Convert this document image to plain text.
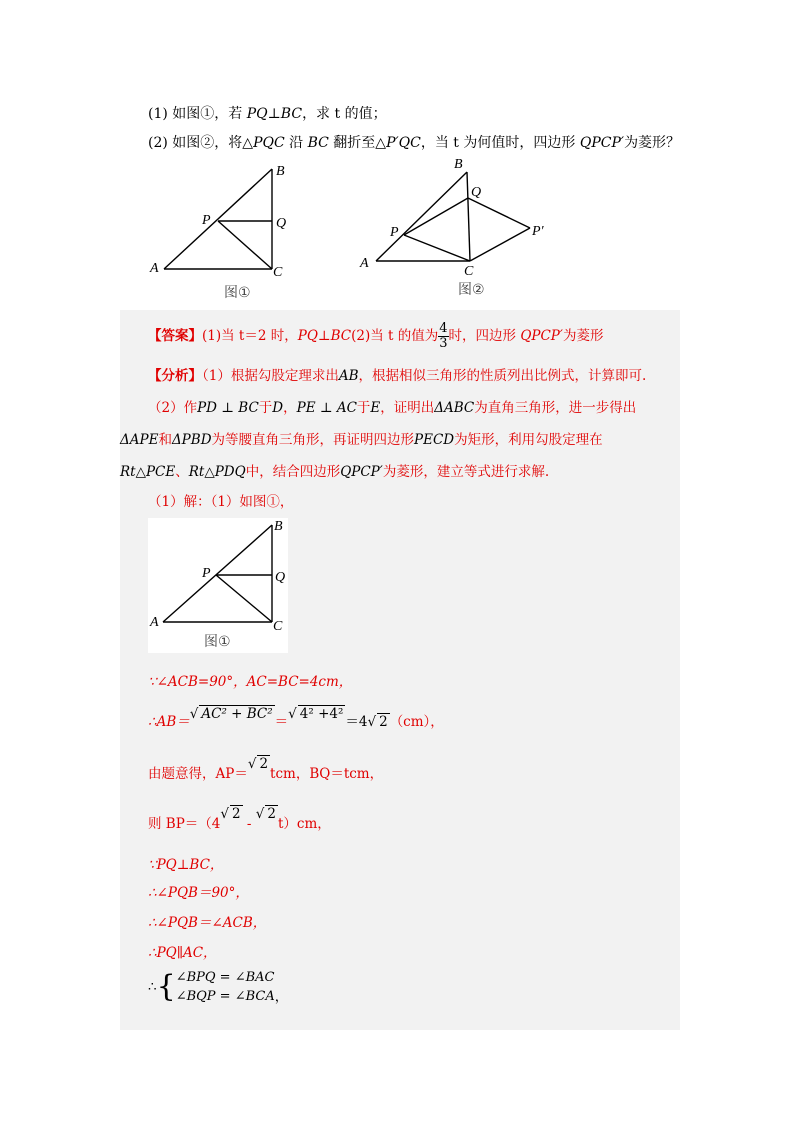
(1) 如图①，若 PQ⊥BC，求 t 的值；
(2) 如图②，将△PQC 沿 BC 翻折至△P′QC，当 t 为何值时，四边形 QPCP′为菱形？
A
B
C
P	Q
图①
A
B
C
P
Q
P′
图②
【答案】(1)当 t＝2 时，PQ⊥BC(2)当 t 的值为 $\frac{4}{3}$ 时，四边形 QPCP′为菱形
【分析】（1）根据勾股定理求出AB，根据相似三角形的性质列出比例式，计算即可.
（2）作PD ⊥ BC于D，PE ⊥ AC于E，证明出ΔABC为直角三角形，进一步得出
ΔAPE和ΔPBD为等腰直角三角形，再证明四边形PECD为矩形，利用勾股定理在
Rt△PCE、Rt△PDQ中，结合四边形QPCP′为菱形，建立等式进行求解.
（1）解：（1）如图①，
A
B
C
P	Q
图①
∵∠ACB=90°，AC=BC=4cm，
∴AB＝√ AC² + BC² ＝√ 4² +4² ＝4√ 2 （cm），
由题意得，AP＝√ 2tcm，BQ＝tcm，
则 BP＝（4√ 2 - √ 2t）cm，
∵PQ⊥BC，
∴∠PQB＝90°，
∴∠PQB＝∠ACB，
∴PQ∥AC，
∴{ ∠BPQ = ∠BAC
∠BQP = ∠BCA ，
